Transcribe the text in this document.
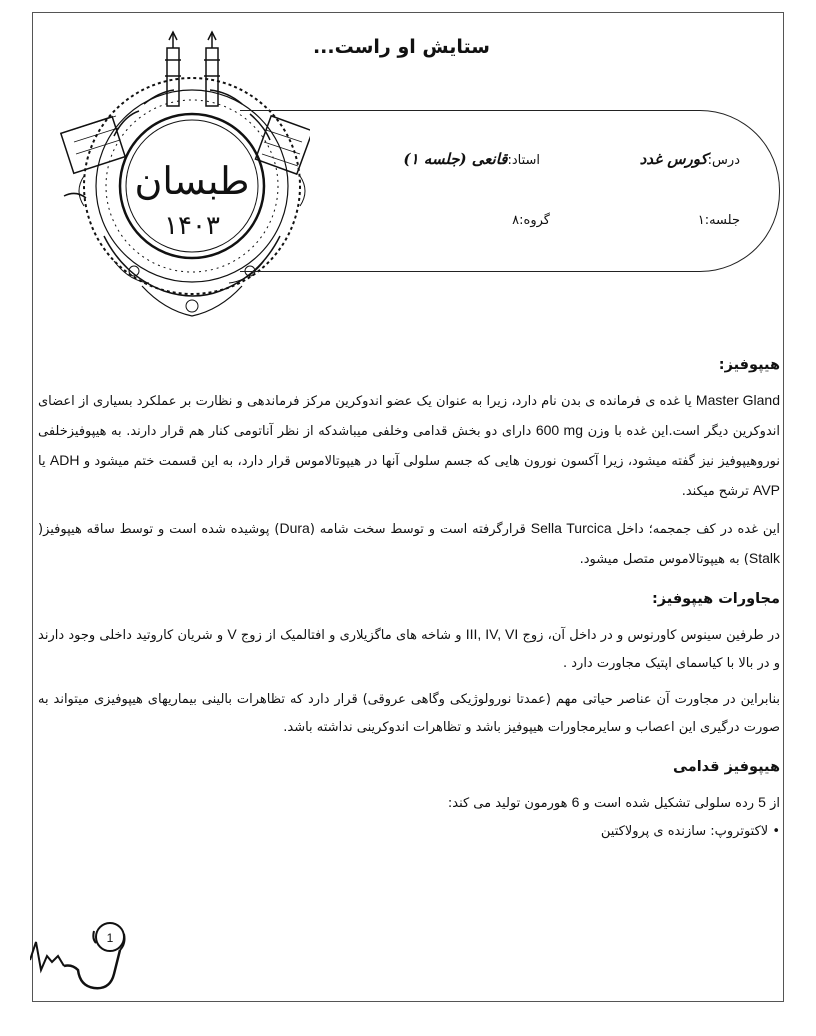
طبسان
۱۴۰۳
ستایش او راست...
درس:کورس غدد
استاد:قانعی (جلسه ۱)
جلسه:۱
گروه:۸
هیپوفیز:

Master Gland یا غده ی فرمانده ی بدن نام دارد، زیرا به عنوان یک عضو اندوکرین مرکز فرماندهی و نظارت بر عملکرد بسیاری از اعضای اندوکرین دیگر است.این غده با وزن 600 mg دارای دو بخش قدامی وخلفی میباشدکه از نظر آناتومی کنار هم قرار دارند. به هیپوفیزخلفی نوروهیپوفیز نیز گفته میشود، زیرا آکسون نورون هایی که جسم سلولی آنها در هیپوتالاموس قرار دارد، به این قسمت ختم میشود و ADH یا AVP ترشح میکند.

این غده در کف جمجمه؛ داخل Sella Turcica قرارگرفته است و توسط سخت شامه (Dura) پوشیده شده است و توسط ساقه هیپوفیز( Stalk) به هیپوتالاموس متصل میشود.

مجاورات هیپوفیز:

در طرفین سینوس کاورنوس و در داخل آن، زوج III, IV, VI و شاخه های ماگزیلاری و افتالمیک از زوج V و شریان کاروتید داخلی وجود دارند و در بالا با کیاسمای اپتیک مجاورت دارد .

بنابراین در مجاورت آن عناصر حیاتی مهم (عمدتا نورولوژیکی وگاهی عروقی) قرار دارد که تظاهرات بالینی بیماریهای هیپوفیزی میتواند به صورت درگیری این اعصاب و سایرمجاورات هیپوفیز باشد و تظاهرات اندوکرینی نداشته باشد.

هیپوفیز قدامی

از 5 رده سلولی تشکیل شده است و 6 هورمون تولید می کند:

• لاکتوتروپ: سازنده ی پرولاکتین

1
